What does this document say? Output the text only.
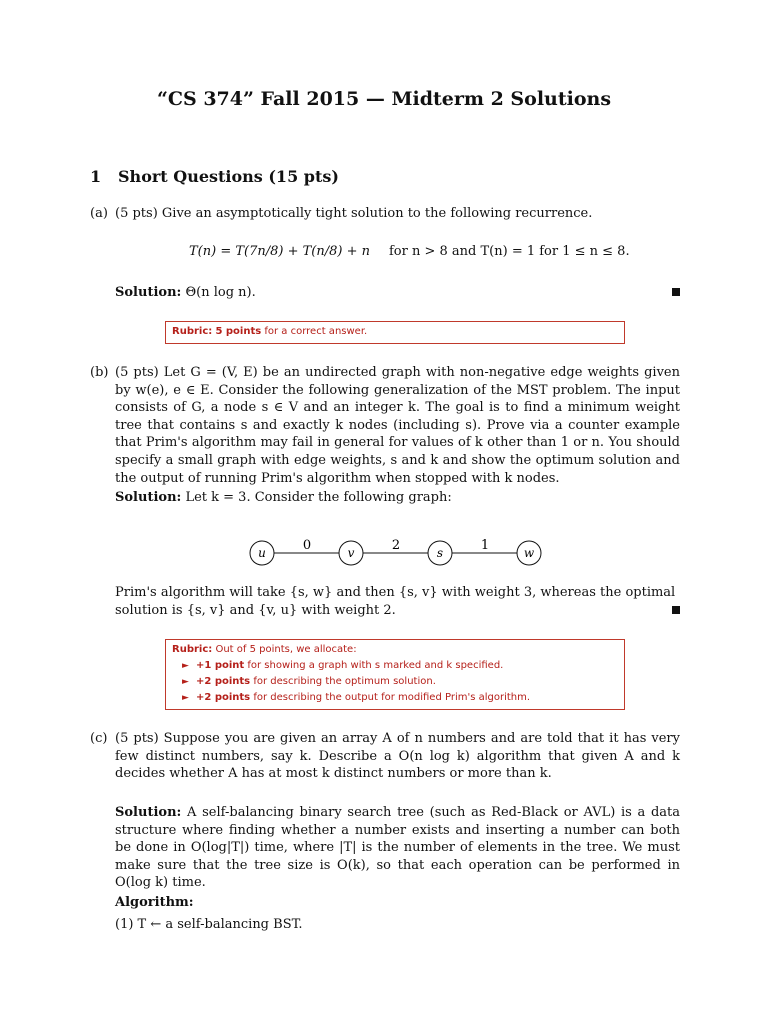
“CS 374” Fall 2015 — Midterm 2 Solutions
1 Short Questions (15 pts)
(a) (5 pts) Give an asymptotically tight solution to the following recurrence.
T(n) = T(7n/8) + T(n/8) + n for n > 8 and T(n) = 1 for 1 ≤ n ≤ 8.
Solution: Θ(n log n).
Rubric: 5 points for a correct answer.
(b) (5 pts) Let G = (V, E) be an undirected graph with non-negative edge weights given by w(e), e ∈ E. Consider the following generalization of the MST problem. The input consists of G, a node s ∈ V and an integer k. The goal is to find a minimum weight tree that contains s and exactly k nodes (including s). Prove via a counter example that Prim's algorithm may fail in general for values of k other than 1 or n. You should specify a small graph with edge weights, s and k and show the optimum solution and the output of running Prim's algorithm when stopped with k nodes.
Solution: Let k = 3. Consider the following graph:
0	2	1
u	v	s	w
Prim's algorithm will take {s, w} and then {s, v} with weight 3, whereas the optimal solution is {s, v} and {v, u} with weight 2.
Rubric: Out of 5 points, we allocate:
► +1 point for showing a graph with s marked and k specified.
► +2 points for describing the optimum solution.
► +2 points for describing the output for modified Prim's algorithm.
(c) (5 pts) Suppose you are given an array A of n numbers and are told that it has very few distinct numbers, say k. Describe a O(n log k) algorithm that given A and k decides whether A has at most k distinct numbers or more than k.
Solution: A self-balancing binary search tree (such as Red-Black or AVL) is a data structure where finding whether a number exists and inserting a number can both be done in O(log|T|) time, where |T| is the number of elements in the tree. We must make sure that the tree size is O(k), so that each operation can be performed in O(log k) time.
Algorithm:
(1) T ← a self-balancing BST.
